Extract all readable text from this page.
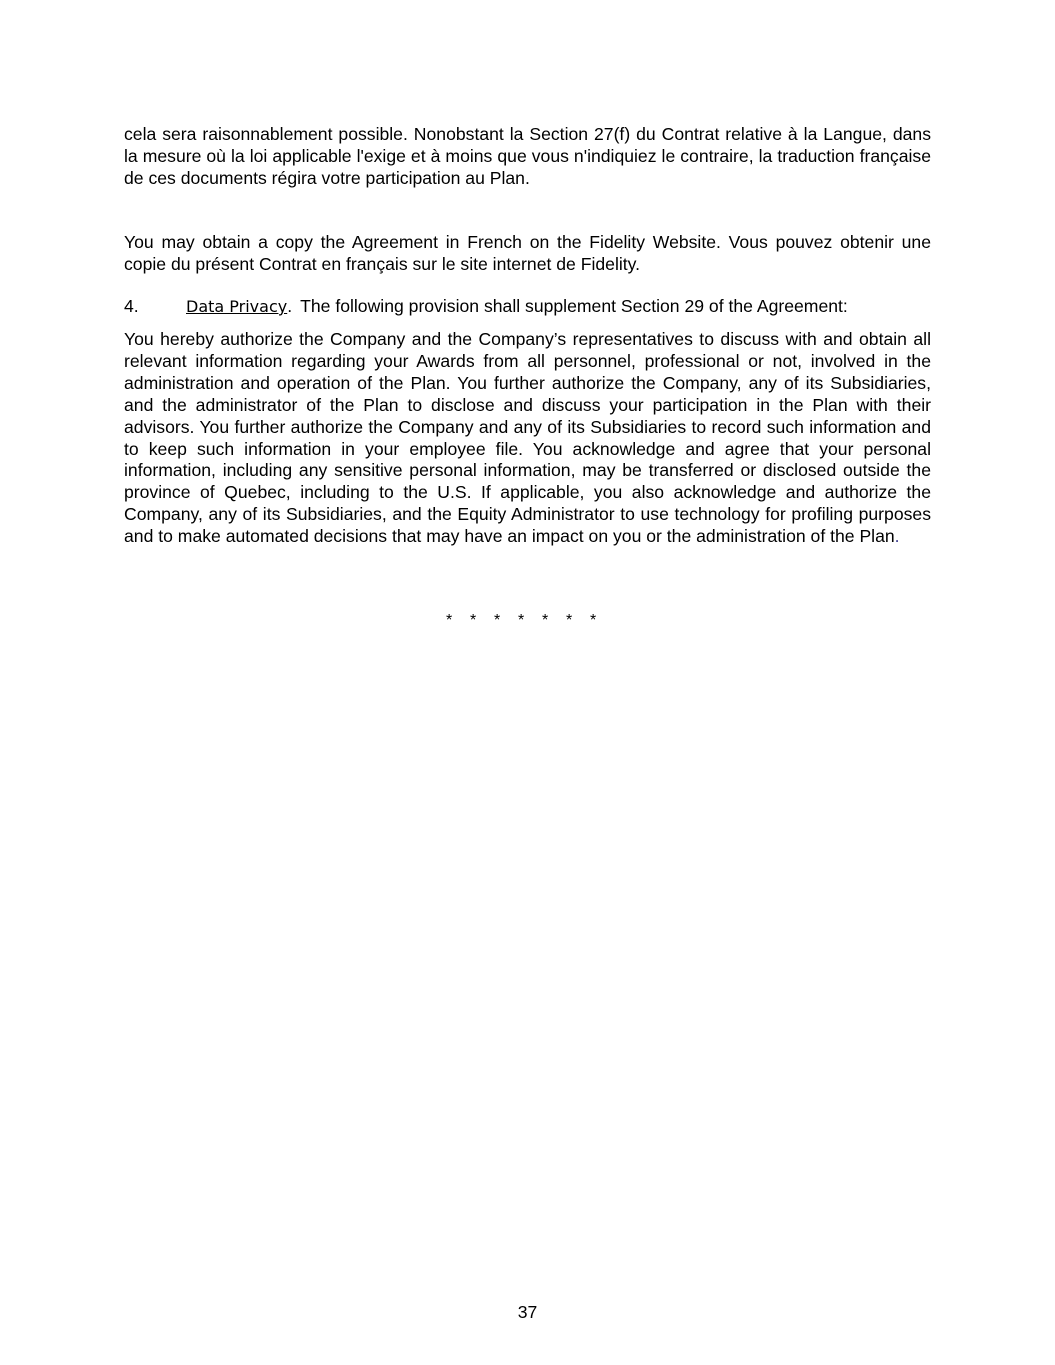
cela sera raisonnablement possible. Nonobstant la Section 27(f) du Contrat relative à la Langue, dans la mesure où la loi applicable l'exige et à moins que vous n'indiquiez le contraire, la traduction française de ces documents régira votre participation au Plan.

You may obtain a copy the Agreement in French on the Fidelity Website. Vous pouvez obtenir une copie du présent Contrat en français sur le site internet de Fidelity.

4.	Data Privacy. The following provision shall supplement Section 29 of the Agreement:

You hereby authorize the Company and the Company’s representatives to discuss with and obtain all relevant information regarding your Awards from all personnel, professional or not, involved in the administration and operation of the Plan. You further authorize the Company, any of its Subsidiaries, and the administrator of the Plan to disclose and discuss your participation in the Plan with their advisors. You further authorize the Company and any of its Subsidiaries to record such information and to keep such information in your employee file. You acknowledge and agree that your personal information, including any sensitive personal information, may be transferred or disclosed outside the province of Quebec, including to the U.S. If applicable, you also acknowledge and authorize the Company, any of its Subsidiaries, and the Equity Administrator to use technology for profiling purposes and to make automated decisions that may have an impact on you or the administration of the Plan.

*    *    *    *    *    *    *

37
